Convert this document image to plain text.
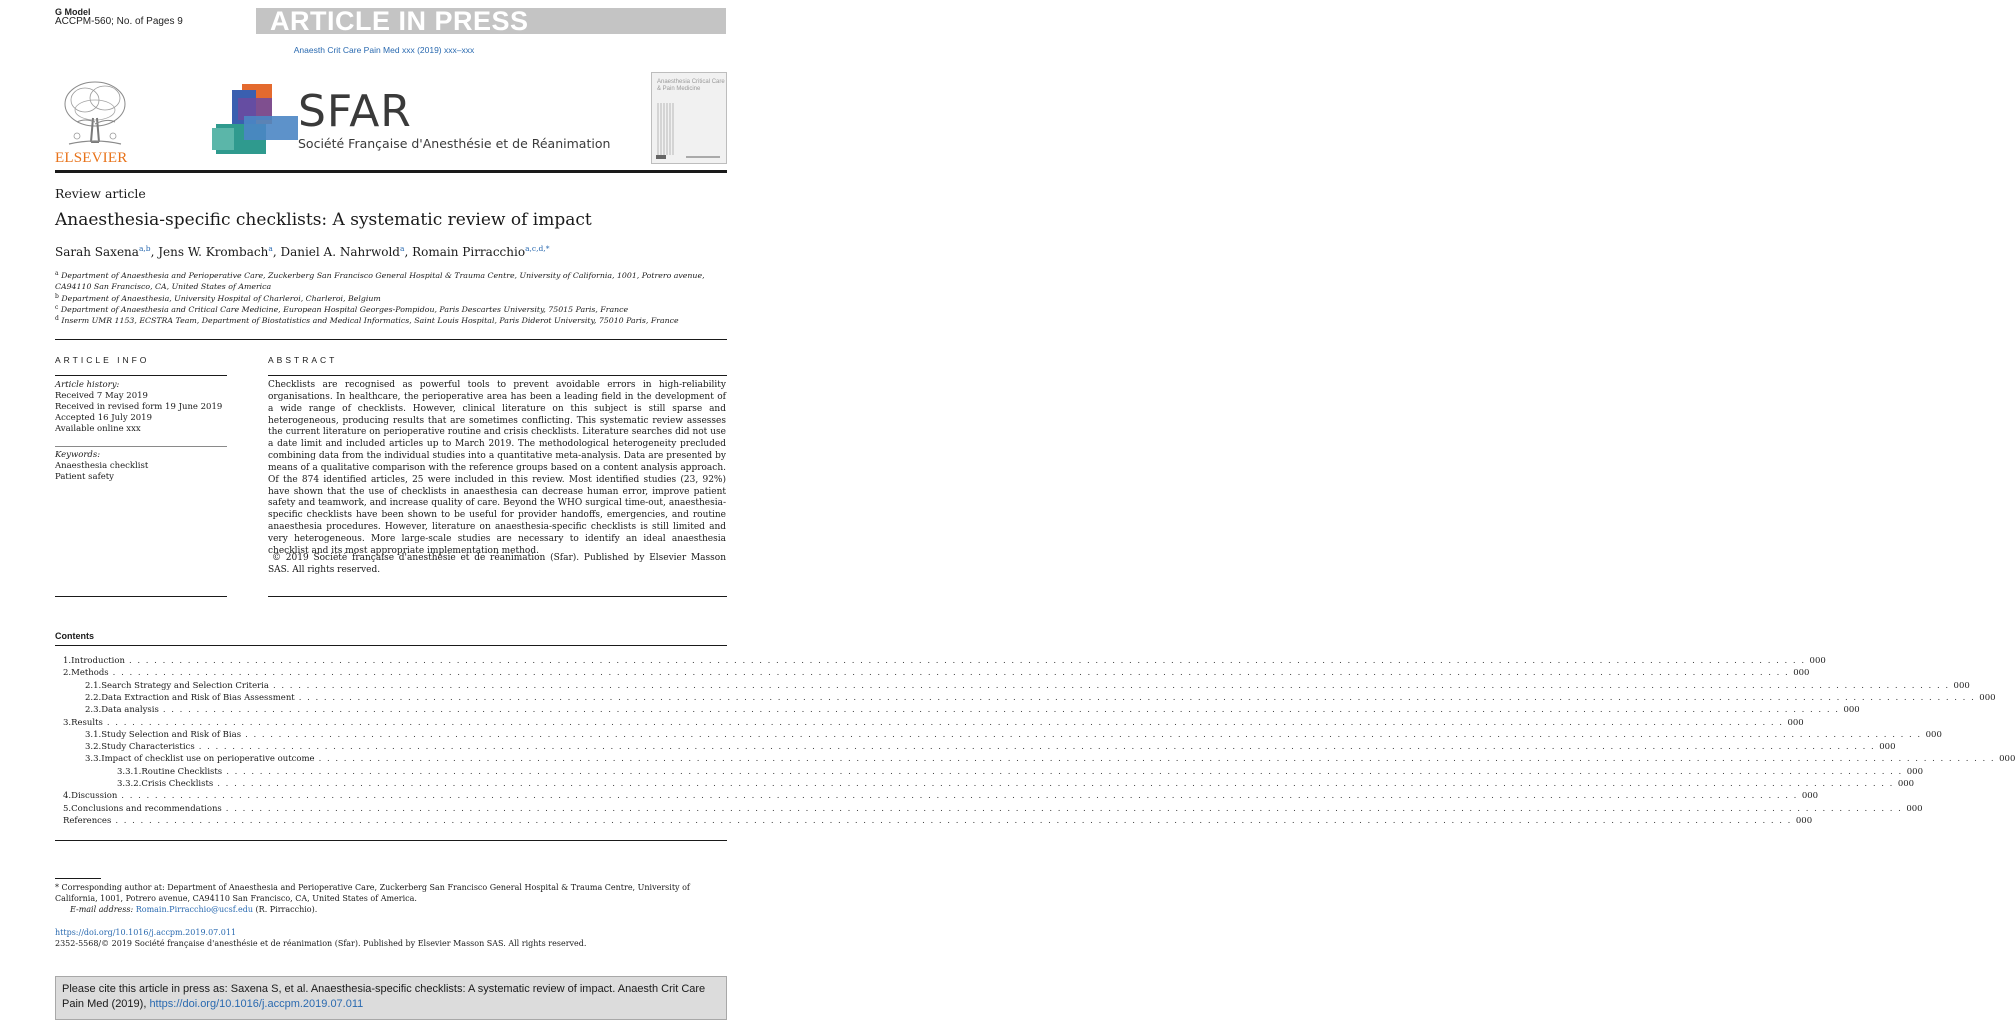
G Model
ACCPM-560; No. of Pages 9	ARTICLE IN PRESS
Anaesth Crit Care Pain Med xxx (2019) xxx–xxx
ELSEVIER
SFAR
Société Française d'Anesthésie et de Réanimation
Anaesthesia Critical Care & Pain Medicine
Review article
Anaesthesia-specific checklists: A systematic review of impact
Sarah Saxena$^{a,b}$, Jens W. Krombach$^a$, Daniel A. Nahrwold$^a$, Romain Pirracchio$^{a,c,d,*}$
$^a$ Department of Anaesthesia and Perioperative Care, Zuckerberg San Francisco General Hospital & Trauma Centre, University of California, 1001, Potrero avenue, CA94110 San Francisco, CA, United States of America
$^b$ Department of Anaesthesia, University Hospital of Charleroi, Charleroi, Belgium
$^c$ Department of Anaesthesia and Critical Care Medicine, European Hospital Georges-Pompidou, Paris Descartes University, 75015 Paris, France
$^d$ Inserm UMR 1153, ECSTRA Team, Department of Biostatistics and Medical Informatics, Saint Louis Hospital, Paris Diderot University, 75010 Paris, France
ARTICLE INFO	ABSTRACT
Article history:
Received 7 May 2019
Received in revised form 19 June 2019
Accepted 16 July 2019
Available online xxx
Keywords:
Anaesthesia checklist
Patient safety
Checklists are recognised as powerful tools to prevent avoidable errors in high-reliability organisations. In healthcare, the perioperative area has been a leading field in the development of a wide range of checklists. However, clinical literature on this subject is still sparse and heterogeneous, producing results that are sometimes conflicting. This systematic review assesses the current literature on perioperative routine and crisis checklists. Literature searches did not use a date limit and included articles up to March 2019. The methodological heterogeneity precluded combining data from the individual studies into a quantitative meta-analysis. Data are presented by means of a qualitative comparison with the reference groups based on a content analysis approach. Of the 874 identified articles, 25 were included in this review. Most identified studies (23, 92%) have shown that the use of checklists in anaesthesia can decrease human error, improve patient safety and teamwork, and increase quality of care. Beyond the WHO surgical time-out, anaesthesia-specific checklists have been shown to be useful for provider handoffs, emergencies, and routine anaesthesia procedures. However, literature on anaesthesia-specific checklists is still limited and very heterogeneous. More large-scale studies are necessary to identify an ideal anaesthesia checklist and its most appropriate implementation method.
© 2019 Société française d'anesthésie et de réanimation (Sfar). Published by Elsevier Masson SAS. All rights reserved.
Contents
1. Introduction . . . . . . . . . . . . . . . . . . . . . . . . . . . . . . . . . . . . . . . . . . . . . . . . . . . . . . . . . . . . . . . . . . . . . . . . . . . . . . . . . . . . . . . . . . . . . . . . . . . . . . . . . . . . . . . . . . . . . . . . . . . . . . . . . . . . . . . . . . . . . . . . . . . . . . . . . . . . . . . . . . . . . . . . . . . . . . . . . . . . . . . . . . . . . . . . . . . . . . . . 000
2. Methods . . . . . . . . . . . . . . . . . . . . . . . . . . . . . . . . . . . . . . . . . . . . . . . . . . . . . . . . . . . . . . . . . . . . . . . . . . . . . . . . . . . . . . . . . . . . . . . . . . . . . . . . . . . . . . . . . . . . . . . . . . . . . . . . . . . . . . . . . . . . . . . . . . . . . . . . . . . . . . . . . . . . . . . . . . . . . . . . . . . . . . . . . . . . . . . . . . . . . . . . 000
2.1. Search Strategy and Selection Criteria . . . . . . . . . . . . . . . . . . . . . . . . . . . . . . . . . . . . . . . . . . . . . . . . . . . . . . . . . . . . . . . . . . . . . . . . . . . . . . . . . . . . . . . . . . . . . . . . . . . . . . . . . . . . . . . . . . . . . . . . . . . . . . . . . . . . . . . . . . . . . . . . . . . . . . . . . . . . . . . . . . . . . . . . . . . . . . . . . . . . . . . . . . . . . . . . . . . . . . . . 000
2.2. Data Extraction and Risk of Bias Assessment . . . . . . . . . . . . . . . . . . . . . . . . . . . . . . . . . . . . . . . . . . . . . . . . . . . . . . . . . . . . . . . . . . . . . . . . . . . . . . . . . . . . . . . . . . . . . . . . . . . . . . . . . . . . . . . . . . . . . . . . . . . . . . . . . . . . . . . . . . . . . . . . . . . . . . . . . . . . . . . . . . . . . . . . . . . . . . . . . . . . . . . . . . . . . . . . . . . . . . . . 000
2.3. Data analysis . . . . . . . . . . . . . . . . . . . . . . . . . . . . . . . . . . . . . . . . . . . . . . . . . . . . . . . . . . . . . . . . . . . . . . . . . . . . . . . . . . . . . . . . . . . . . . . . . . . . . . . . . . . . . . . . . . . . . . . . . . . . . . . . . . . . . . . . . . . . . . . . . . . . . . . . . . . . . . . . . . . . . . . . . . . . . . . . . . . . . . . . . . . . . . . . . . . . . . . . 000
3. Results . . . . . . . . . . . . . . . . . . . . . . . . . . . . . . . . . . . . . . . . . . . . . . . . . . . . . . . . . . . . . . . . . . . . . . . . . . . . . . . . . . . . . . . . . . . . . . . . . . . . . . . . . . . . . . . . . . . . . . . . . . . . . . . . . . . . . . . . . . . . . . . . . . . . . . . . . . . . . . . . . . . . . . . . . . . . . . . . . . . . . . . . . . . . . . . . . . . . . . . . 000
3.1. Study Selection and Risk of Bias . . . . . . . . . . . . . . . . . . . . . . . . . . . . . . . . . . . . . . . . . . . . . . . . . . . . . . . . . . . . . . . . . . . . . . . . . . . . . . . . . . . . . . . . . . . . . . . . . . . . . . . . . . . . . . . . . . . . . . . . . . . . . . . . . . . . . . . . . . . . . . . . . . . . . . . . . . . . . . . . . . . . . . . . . . . . . . . . . . . . . . . . . . . . . . . . . . . . . . . . 000
3.2. Study Characteristics . . . . . . . . . . . . . . . . . . . . . . . . . . . . . . . . . . . . . . . . . . . . . . . . . . . . . . . . . . . . . . . . . . . . . . . . . . . . . . . . . . . . . . . . . . . . . . . . . . . . . . . . . . . . . . . . . . . . . . . . . . . . . . . . . . . . . . . . . . . . . . . . . . . . . . . . . . . . . . . . . . . . . . . . . . . . . . . . . . . . . . . . . . . . . . . . . . . . . . . . 000
3.3. Impact of checklist use on perioperative outcome . . . . . . . . . . . . . . . . . . . . . . . . . . . . . . . . . . . . . . . . . . . . . . . . . . . . . . . . . . . . . . . . . . . . . . . . . . . . . . . . . . . . . . . . . . . . . . . . . . . . . . . . . . . . . . . . . . . . . . . . . . . . . . . . . . . . . . . . . . . . . . . . . . . . . . . . . . . . . . . . . . . . . . . . . . . . . . . . . . . . . . . . . . . . . . . . . . . . . . . . 000
3.3.1. Routine Checklists . . . . . . . . . . . . . . . . . . . . . . . . . . . . . . . . . . . . . . . . . . . . . . . . . . . . . . . . . . . . . . . . . . . . . . . . . . . . . . . . . . . . . . . . . . . . . . . . . . . . . . . . . . . . . . . . . . . . . . . . . . . . . . . . . . . . . . . . . . . . . . . . . . . . . . . . . . . . . . . . . . . . . . . . . . . . . . . . . . . . . . . . . . . . . . . . . . . . . . . . 000
3.3.2. Crisis Checklists . . . . . . . . . . . . . . . . . . . . . . . . . . . . . . . . . . . . . . . . . . . . . . . . . . . . . . . . . . . . . . . . . . . . . . . . . . . . . . . . . . . . . . . . . . . . . . . . . . . . . . . . . . . . . . . . . . . . . . . . . . . . . . . . . . . . . . . . . . . . . . . . . . . . . . . . . . . . . . . . . . . . . . . . . . . . . . . . . . . . . . . . . . . . . . . . . . . . . . . . 000
4. Discussion . . . . . . . . . . . . . . . . . . . . . . . . . . . . . . . . . . . . . . . . . . . . . . . . . . . . . . . . . . . . . . . . . . . . . . . . . . . . . . . . . . . . . . . . . . . . . . . . . . . . . . . . . . . . . . . . . . . . . . . . . . . . . . . . . . . . . . . . . . . . . . . . . . . . . . . . . . . . . . . . . . . . . . . . . . . . . . . . . . . . . . . . . . . . . . . . . . . . . . . . 000
5. Conclusions and recommendations . . . . . . . . . . . . . . . . . . . . . . . . . . . . . . . . . . . . . . . . . . . . . . . . . . . . . . . . . . . . . . . . . . . . . . . . . . . . . . . . . . . . . . . . . . . . . . . . . . . . . . . . . . . . . . . . . . . . . . . . . . . . . . . . . . . . . . . . . . . . . . . . . . . . . . . . . . . . . . . . . . . . . . . . . . . . . . . . . . . . . . . . . . . . . . . . . . . . . . . . 000
References . . . . . . . . . . . . . . . . . . . . . . . . . . . . . . . . . . . . . . . . . . . . . . . . . . . . . . . . . . . . . . . . . . . . . . . . . . . . . . . . . . . . . . . . . . . . . . . . . . . . . . . . . . . . . . . . . . . . . . . . . . . . . . . . . . . . . . . . . . . . . . . . . . . . . . . . . . . . . . . . . . . . . . . . . . . . . . . . . . . . . . . . . . . . . . . . . . . . . . . . 000
* Corresponding author at: Department of Anaesthesia and Perioperative Care, Zuckerberg San Francisco General Hospital & Trauma Centre, University of California, 1001, Potrero avenue, CA94110 San Francisco, CA, United States of America.
E-mail address: Romain.Pirracchio@ucsf.edu (R. Pirracchio).
https://doi.org/10.1016/j.accpm.2019.07.011
2352-5568/© 2019 Société française d'anesthésie et de réanimation (Sfar). Published by Elsevier Masson SAS. All rights reserved.
Please cite this article in press as: Saxena S, et al. Anaesthesia-specific checklists: A systematic review of impact. Anaesth Crit Care Pain Med (2019), https://doi.org/10.1016/j.accpm.2019.07.011
